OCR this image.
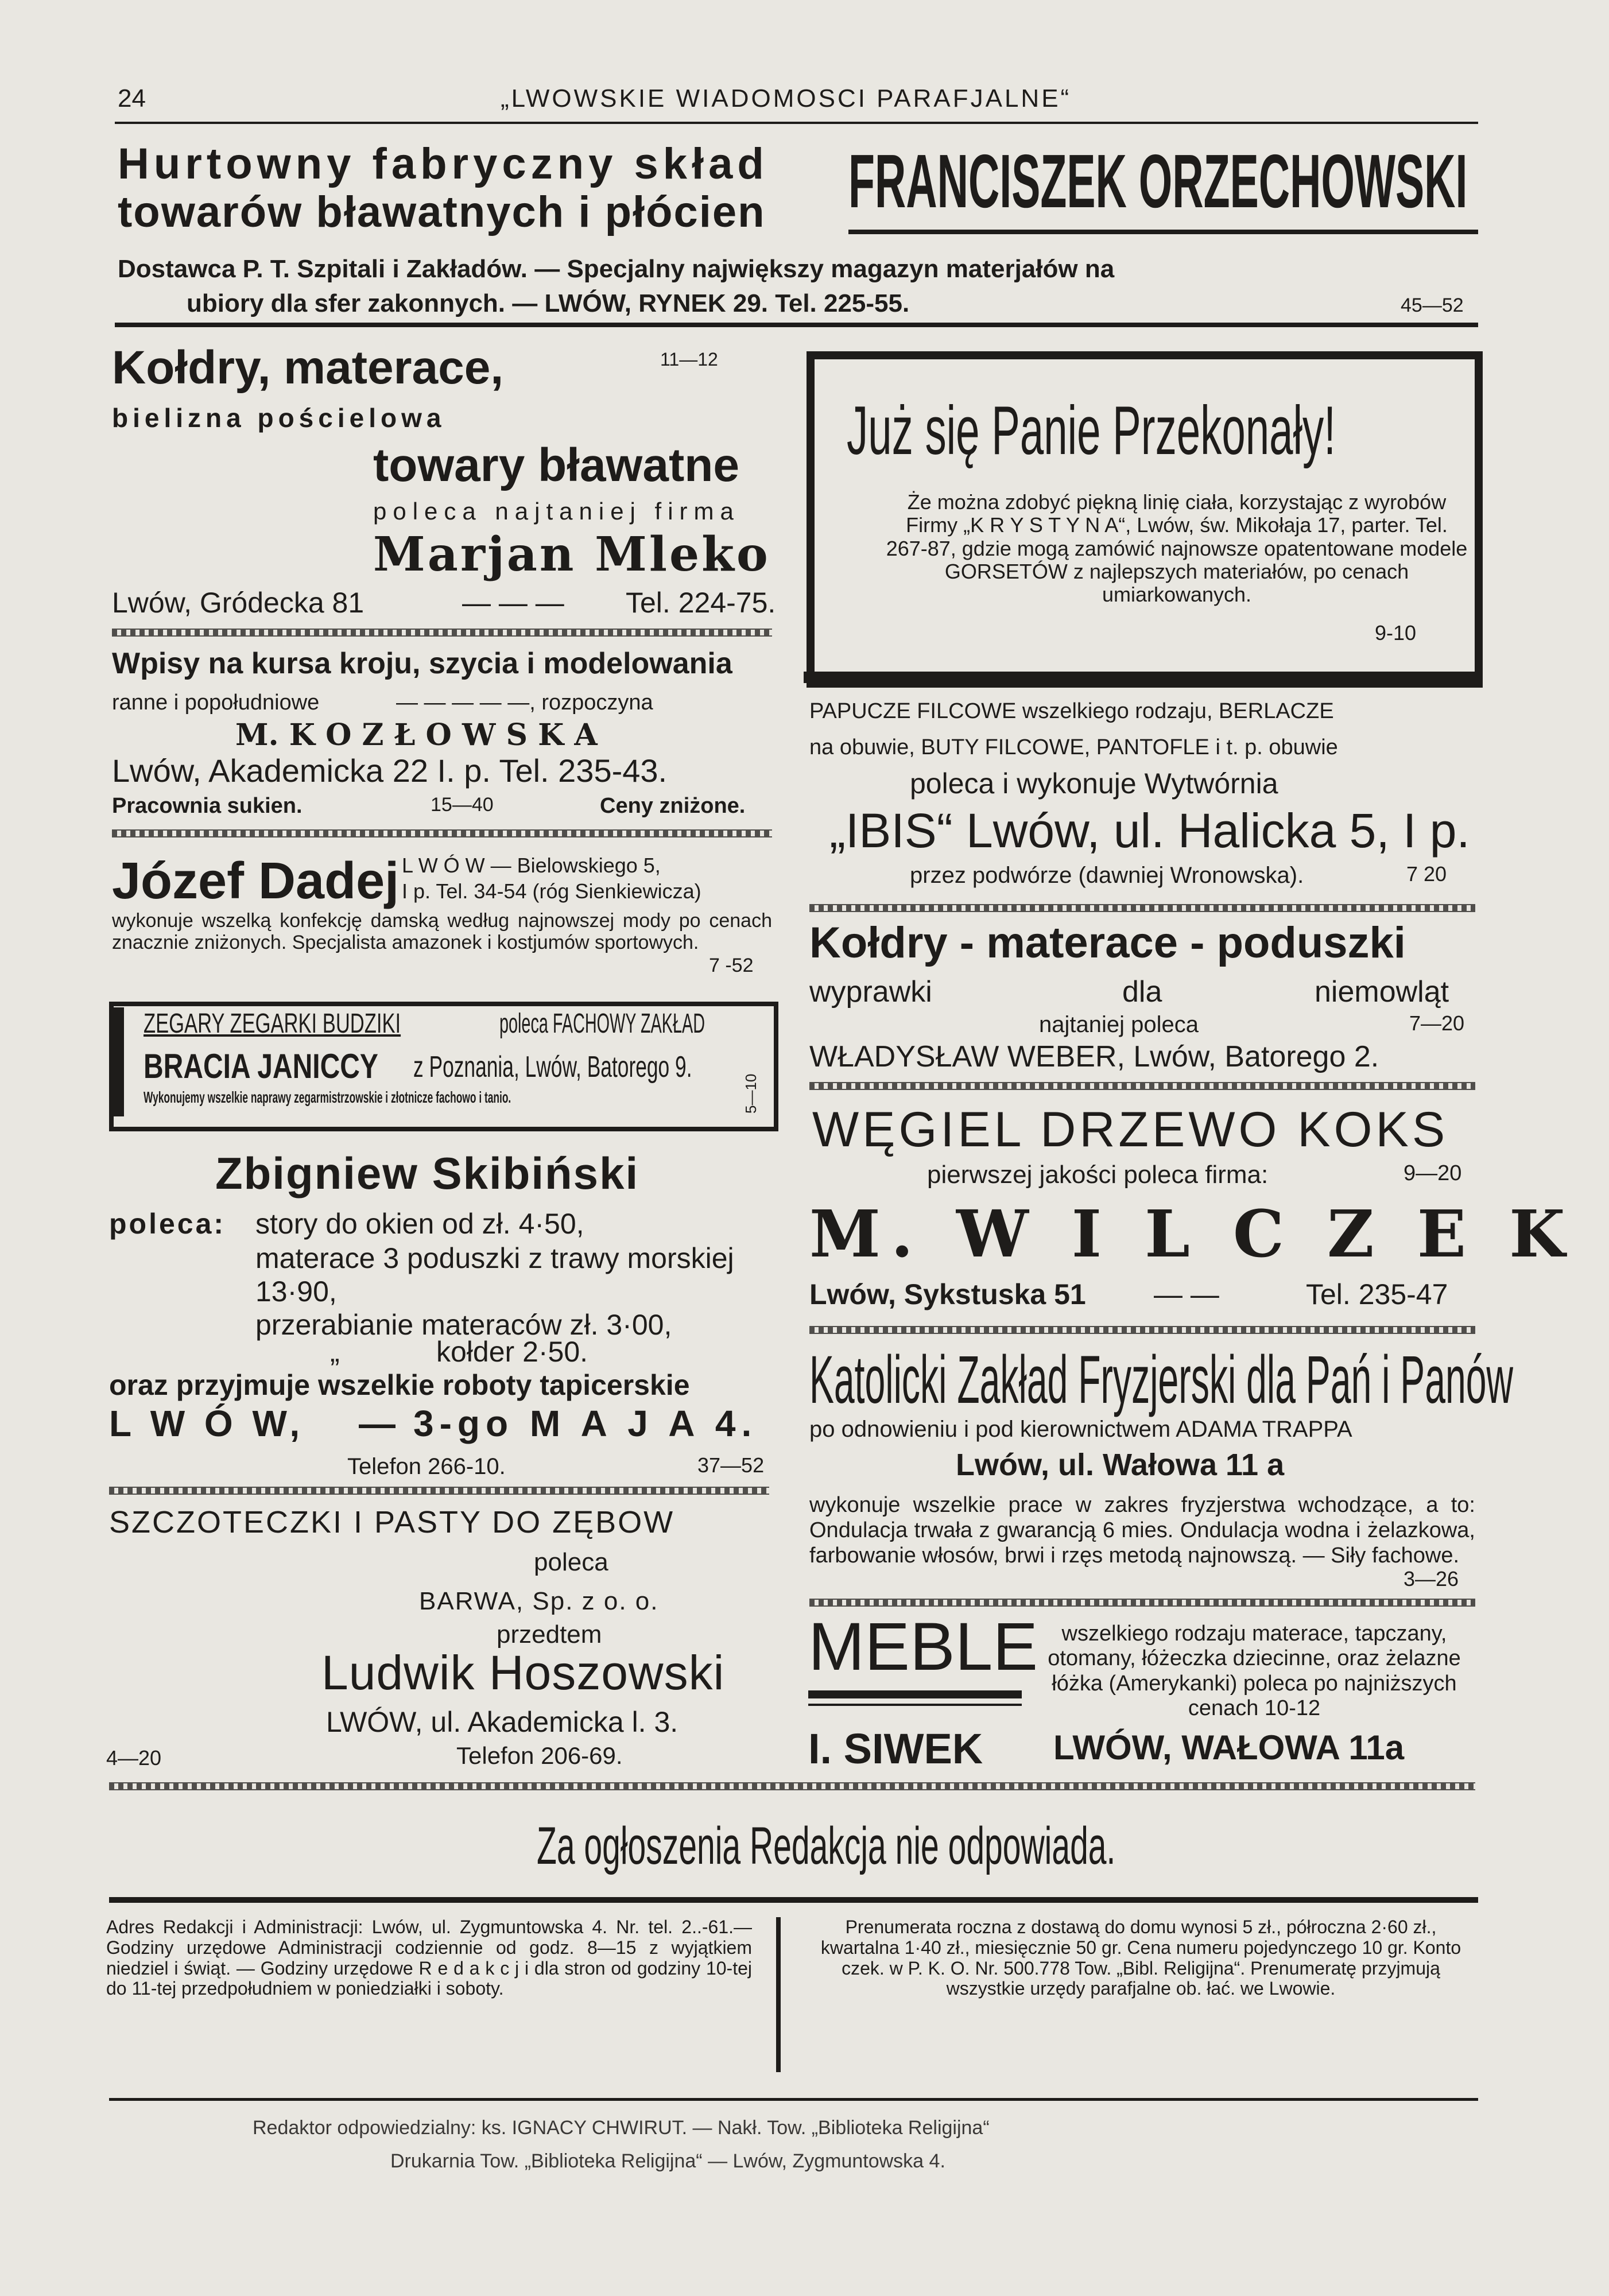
24	„LWOWSKIE WIADOMOSCI PARAFJALNE“
Hurtowny fabryczny skład
towarów bławatnych i płócien FRANCISZEK ORZECHOWSKI
Dostawca P. T. Szpitali i Zakładów. — Specjalny największy magazyn materjałów na
ubiory dla sfer zakonnych. — LWÓW, RYNEK 29. Tel. 225-55.	45—52
Kołdry, materace,	11—12
bielizna pościelowa
towary bławatne
poleca najtaniej firma
Marjan Mleko
Lwów, Gródecka 81	— — — Tel. 224-75.
Wpisy na kursa kroju, szycia i modelowania
ranne i popołudniowe	— — — — —, rozpoczyna
M. K O Z Ł O W S K A
Lwów, Akademicka 22 I. p. Tel. 235-43.
Pracownia sukien.	15—40	Ceny zniżone.
Józef Dadej L W Ó W — Bielowskiego 5,
I p. Tel. 34-54 (róg Sienkiewicza)
wykonuje wszelką konfekcję damską według najnowszej mody po cenach znacznie zniżonych. Specjalista amazonek i kostjumów sportowych.
7 -52
ZEGARY ZEGARKI BUDZIKI	poleca FACHOWY ZAKŁAD
BRACIA JANICCY z Poznania, Lwów, Batorego 9.
Wykonujemy wszelkie naprawy zegarmistrzowskie i złotnicze fachowo i tanio.	5—10
Zbigniew Skibiński
poleca: story do okien od zł. 4·50,
materace 3 poduszki z trawy morskiej
13·90,
przerabianie materaców zł. 3·00,
„	kołder 2·50.
oraz przyjmuje wszelkie roboty tapicerskie
L W Ó W, — 3-go M A J A 4.
Telefon 266-10.	37—52
SZCZOTECZKI I PASTY DO ZĘBOW
poleca
BARWA, Sp. z o. o.
przedtem
Ludwik Hoszowski
LWÓW, ul. Akademicka l. 3.
4—20	Telefon 206-69.
Już się Panie Przekonały!
Że można zdobyć piękną linię ciała, korzystając z wyrobów Firmy „K R Y S T Y N A“, Lwów, św. Mikołaja 17, parter. Tel. 267-87, gdzie mogą zamówić najnowsze opatentowane modele GORSETÓW z najlepszych materiałów, po cenach umiarkowanych.
9-10
PAPUCZE FILCOWE wszelkiego rodzaju, BERLACZE
na obuwie, BUTY FILCOWE, PANTOFLE i t. p. obuwie
poleca i wykonuje Wytwórnia
„IBIS“ Lwów, ul. Halicka 5, I p.
przez podwórze (dawniej Wronowska).	7 20
Kołdry - materace - poduszki
wyprawki	dla	niemowląt
najtaniej poleca	7—20
WŁADYSŁAW WEBER, Lwów, Batorego 2.
WĘGIEL DRZEWO KOKS
pierwszej jakości poleca firma:	9—20
M. W I L C Z E K
Lwów, Sykstuska 51 — —	Tel. 235-47
Katolicki Zakład Fryzjerski dla Pań i Panów
po odnowieniu i pod kierownictwem ADAMA TRAPPA
Lwów, ul. Wałowa 11 a
wykonuje wszelkie prace w zakres fryzjerstwa wchodzące, a to: Ondulacja trwała z gwarancją 6 mies. Ondulacja wodna i żelazkowa, farbowanie włosów, brwi i rzęs metodą najnowszą. — Siły fachowe.
3—26
MEBLE	wszelkiego rodzaju materace, tapczany, otomany, łóżeczka dziecinne, oraz żelazne łóżka (Amerykanki) poleca po najniższych cenach 10-12
I. SIWEK LWÓW, WAŁOWA 11a
Za ogłoszenia Redakcja nie odpowiada.
Adres Redakcji i Administracji: Lwów, ul. Zygmuntowska 4. Nr. tel. 2..-61.—Godziny urzędowe Administracji codziennie od godz. 8—15 z wyjątkiem niedziel i świąt. — Godziny urzędowe R e d a k c j i dla stron od godziny 10-tej do 11-tej przedpołudniem w poniedziałki i soboty.
Prenumerata roczna z dostawą do domu wynosi 5 zł., półroczna 2·60 zł., kwartalna 1·40 zł., miesięcznie 50 gr. Cena numeru pojedynczego 10 gr. Konto czek. w P. K. O. Nr. 500.778 Tow. „Bibl. Religijna“. Prenumeratę przyjmują wszystkie urzędy parafjalne ob. łać. we Lwowie.
Redaktor odpowiedzialny: ks. IGNACY CHWIRUT. — Nakł. Tow. „Biblioteka Religijna“
Drukarnia Tow. „Biblioteka Religijna“ — Lwów, Zygmuntowska 4.
